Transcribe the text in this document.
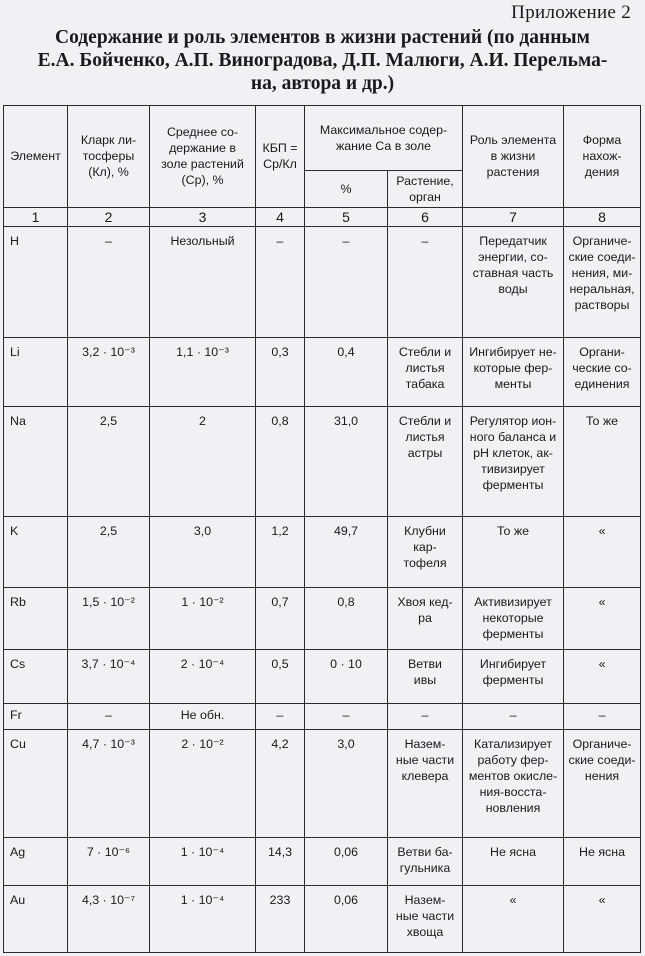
Приложение 2
Содержание и роль элементов в жизни растений (по данным
Е.А. Бойченко, А.П. Виноградова, Д.П. Малюги, А.И. Перельма-
на, автора и др.)
Элемент	Кларк ли-
тосферы
(Кл), %	Среднее со-
держание в
золе растений
(Ср), %	КБП =
Ср/Кл	Максимальное содер-
жание Са в золе		Роль элемента
в жизни
растения	Форма
нахож-
дения
				%	Растение,
орган		
1	2	3	4	5	6	7	8
H	–	Незольный	–	–	–	Передатчик
энергии, со-
ставная часть
воды	Органиче-
ские соеди-
нения, ми-
неральная,
растворы
Li	3,2 · 10⁻³	1,1 · 10⁻³	0,3	0,4	Стебли и
листья
табака	Ингибирует не-
которые фер-
менты	Органи-
ческие со-
единения
Na	2,5	2	0,8	31,0	Стебли и
листья
астры	Регулятор ион-
ного баланса и
pH клеток, ак-
тивизирует
ферменты	То же
K	2,5	3,0	1,2	49,7	Клубни
кар-
тофеля	То же	«
Rb	1,5 · 10⁻²	1 · 10⁻²	0,7	0,8	Хвоя кед-
ра	Активизирует
некоторые
ферменты	«
Cs	3,7 · 10⁻⁴	2 · 10⁻⁴	0,5	0 · 10	Ветви
ивы	Ингибирует
ферменты	«
Fr	–	Не обн.	–	–	–	–	–
Cu	4,7 · 10⁻³	2 · 10⁻²	4,2	3,0	Назем-
ные части
клевера	Катализирует
работу фер-
ментов окисле-
ния-восста-
новления	Органиче-
ские соеди-
нения
Ag	7 · 10⁻⁶	1 · 10⁻⁴	14,3	0,06	Ветви ба-
гульника	Не ясна	Не ясна
Au	4,3 · 10⁻⁷	1 · 10⁻⁴	233	0,06	Назем-
ные части
хвоща	«	«
